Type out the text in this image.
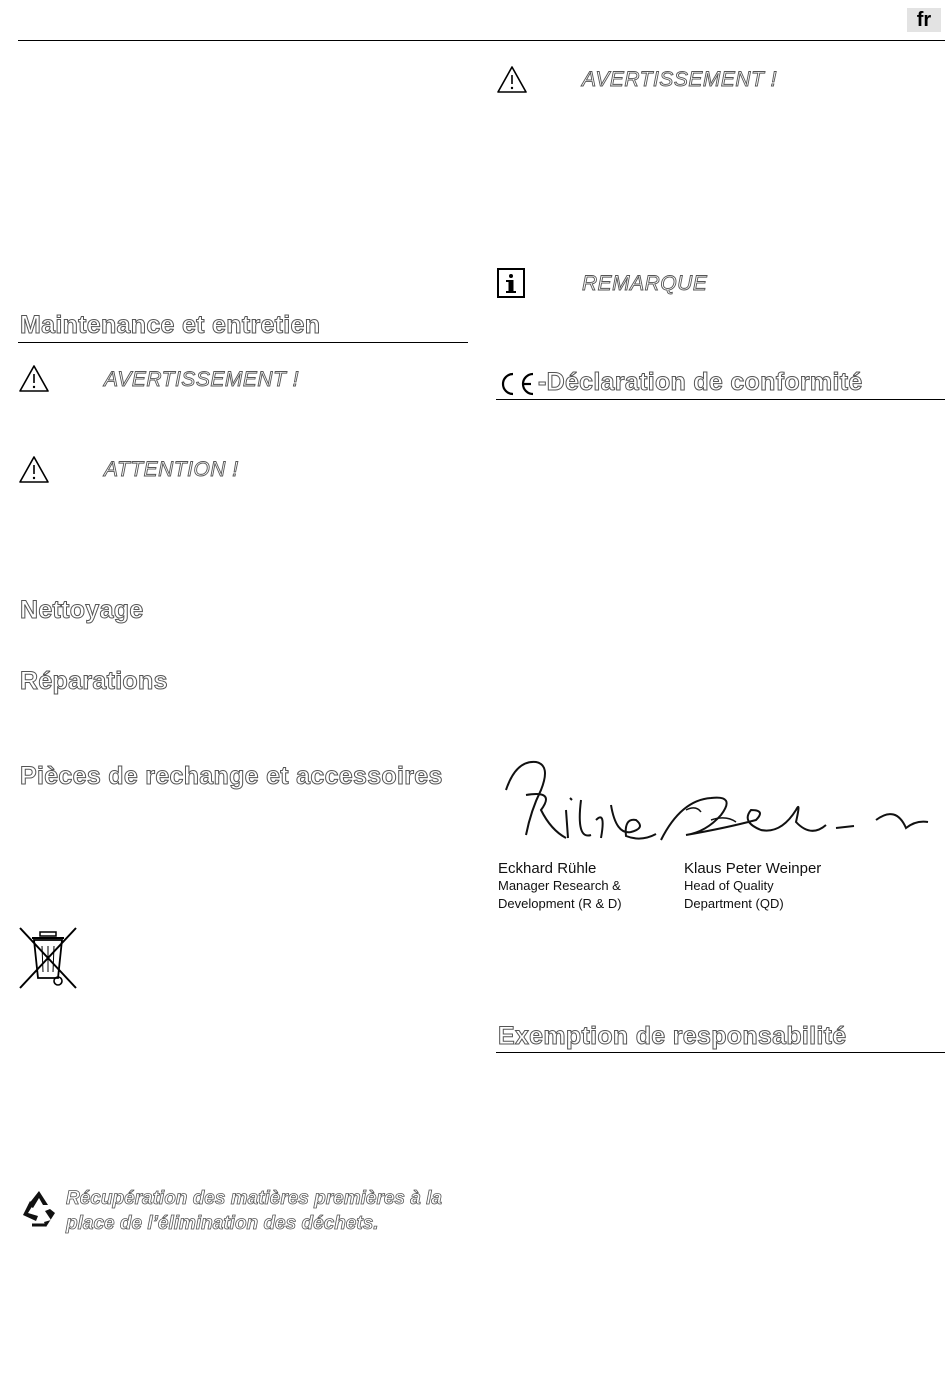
fr
Maintenance et entretien
AVERTISSEMENT !
ATTENTION !
Nettoyage
Réparations
Pièces de rechange et accessoires
Récupération des matières premières à la
place de l’élimination des déchets.
AVERTISSEMENT !
REMARQUE
-Déclaration de conformité
Eckhard Rühle
Manager Research &
Development (R & D)
Klaus Peter Weinper
Head of Quality
Department (QD)
Exemption de responsabilité
